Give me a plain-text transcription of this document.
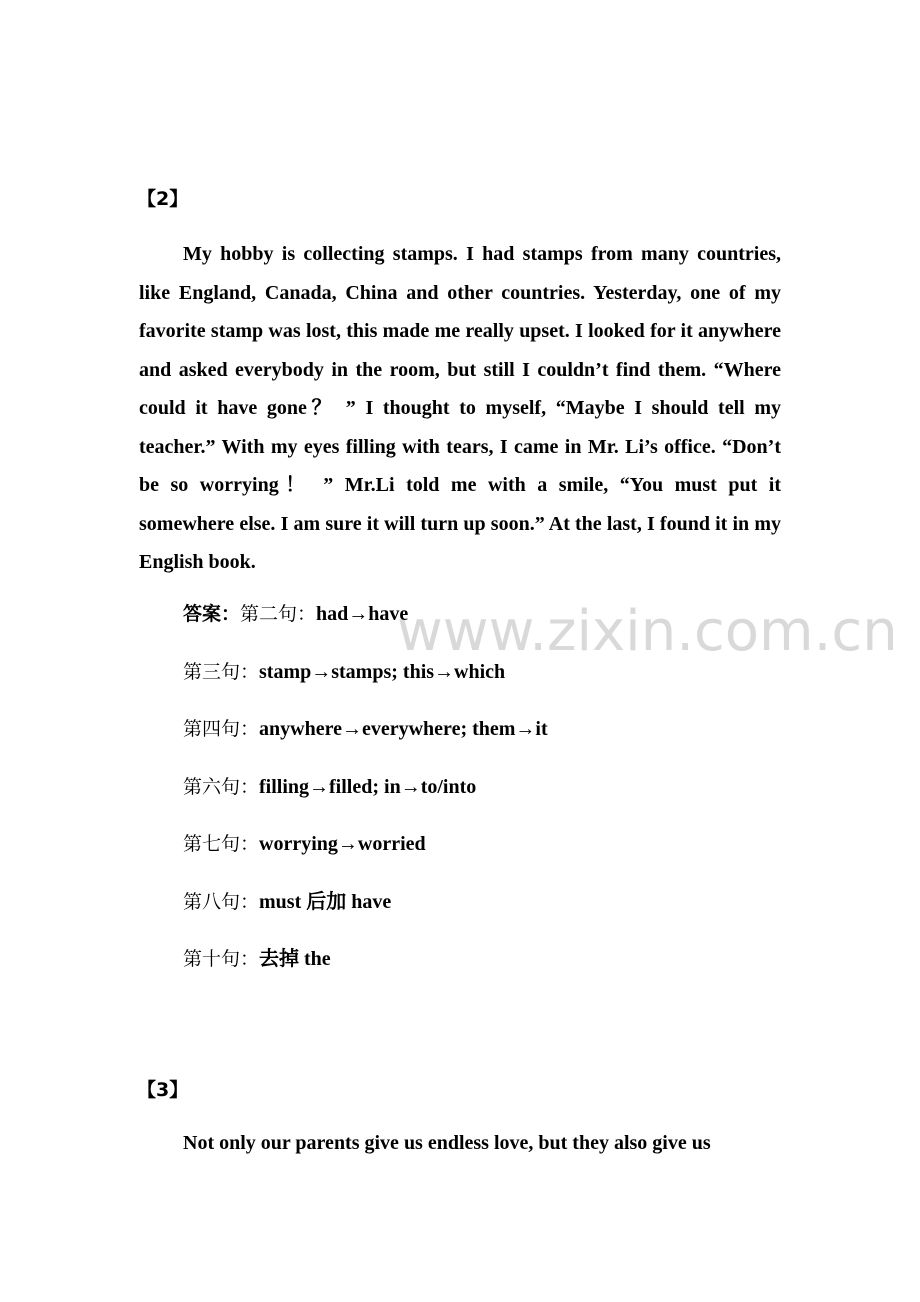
www.zixin.com.cn

【2】

My hobby is collecting stamps. I had stamps from many countries, like England, Canada, China and other countries. Yesterday, one of my favorite stamp was lost, this made me really upset. I looked for it anywhere and asked everybody in the room, but still I couldn’t find them. “Where could it have gone？ ” I thought to myself, “Maybe I should tell my teacher.” With my eyes filling with tears, I came in Mr. Li’s office. “Don’t be so worrying！ ” Mr.Li told me with a smile, “You must put it somewhere else. I am sure it will turn up soon.” At the last, I found it in my English book.

答案：第二句：had→have

第三句：stamp→stamps; this→which

第四句：anywhere→everywhere; them→it

第六句：filling→filled; in→to/into

第七句：worrying→worried

第八句：must 后加 have

第十句：去掉 the

【3】

Not only our parents give us endless love, but they also give us
